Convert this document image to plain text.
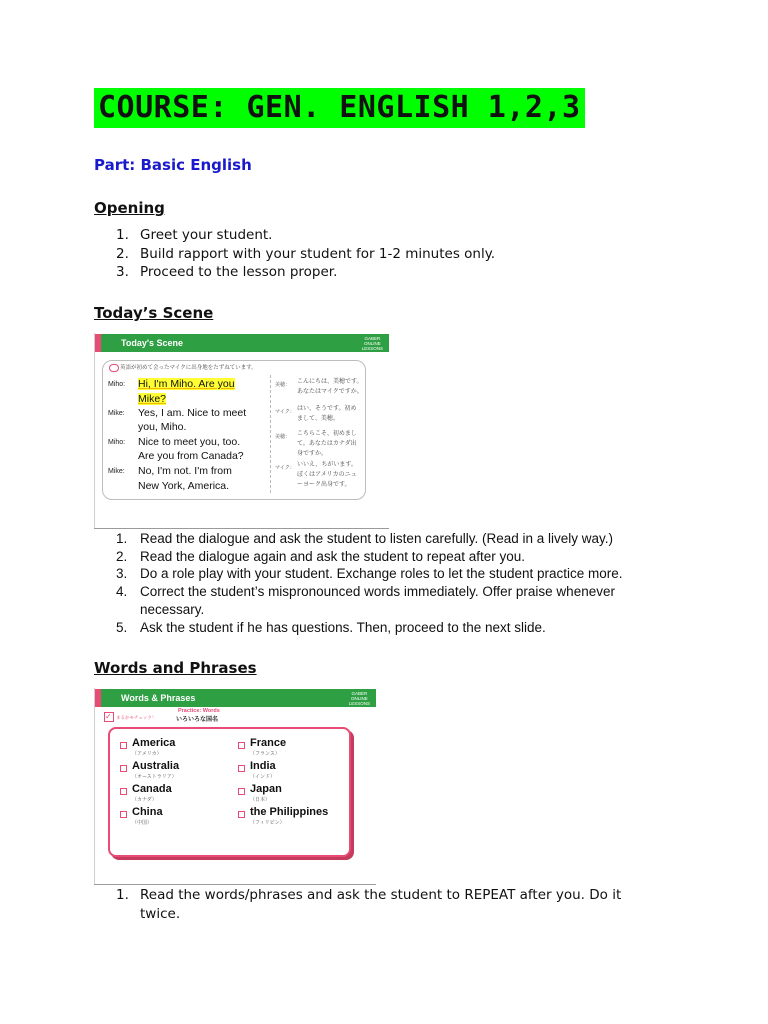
COURSE: GEN. ENGLISH 1,2,3
Part: Basic English
Opening
1. Greet your student.
2. Build rapport with your student for 1-2 minutes only.
3. Proceed to the lesson proper.
Today’s Scene
Today's Scene	GABER
ONLINE
LESSONS
英語が初めて会ったマイクに出身地をたずねています。
Miho: Hi, I'm Miho. Are you
Mike?
Mike: Yes, I am. Nice to meet
you, Miho.
Miho: Nice to meet you, too.
Are you from Canada?
Mike: No, I'm not. I'm from
New York, America.
美穂： こんにちは、美穂です。
あなたはマイクですか。
マイク： はい、そうです。初め
まして、美穂。
美穂： こちらこそ、初めまし
て。あなたはカナダ出
身ですか。
マイク： いいえ、ちがいます。
ぼくはアメリカのニュ
ーヨーク出身です。
1. Read the dialogue and ask the student to listen carefully. (Read in a lively way.)
2. Read the dialogue again and ask the student to repeat after you.
3. Do a role play with your student. Exchange roles to let the student practice more.
4. Correct the student’s mispronounced words immediately. Offer praise whenever
necessary.
5. Ask the student if he has questions. Then, proceed to the next slide.
Words and Phrases
Words & Phrases	GABER
ONLINE
LESSONS
✓ まるかモチェック！
Practice: Words
いろいろな国名
America
（アメリカ）
Australia
（オーストラリア）
Canada
（カナダ）
China
（中国）
France
（フランス）
India
（インド）
Japan
（日本）
the Philippines
（フィリピン）
1. Read the words/phrases and ask the student to REPEAT after you. Do it
twice.
